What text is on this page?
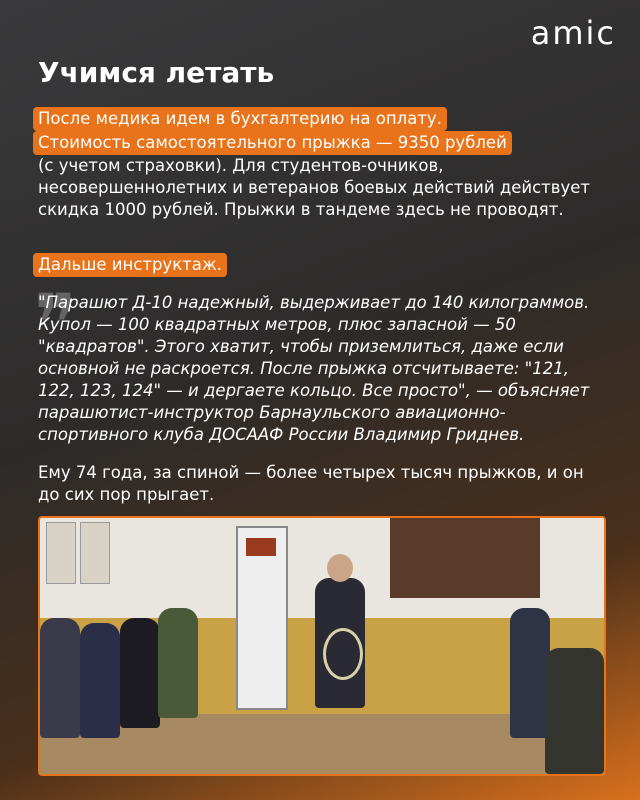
amic
Учимся летать
После медика идем в бухгалтерию на оплату.
Стоимость самостоятельного прыжка — 9350 рублей
(с учетом страховки). Для студентов-очников, несовершеннолетних и ветеранов боевых действий действует скидка 1000 рублей. Прыжки в тандеме здесь не проводят.
Дальше инструктаж.
❞

"Парашют Д-10 надежный, выдерживает до 140 килограммов. Купол — 100 квадратных метров, плюс запасной — 50 "квадратов". Этого хватит, чтобы приземлиться, даже если основной не раскроется. После прыжка отсчитываете: "121, 122, 123, 124" — и дергаете кольцо. Все просто", — объясняет парашютист-инструктор Барнаульского авиационно-спортивного клуба ДОСААФ России Владимир Гриднев.

Ему 74 года, за спиной — более четырех тысяч прыжков, и он до сих пор прыгает.
